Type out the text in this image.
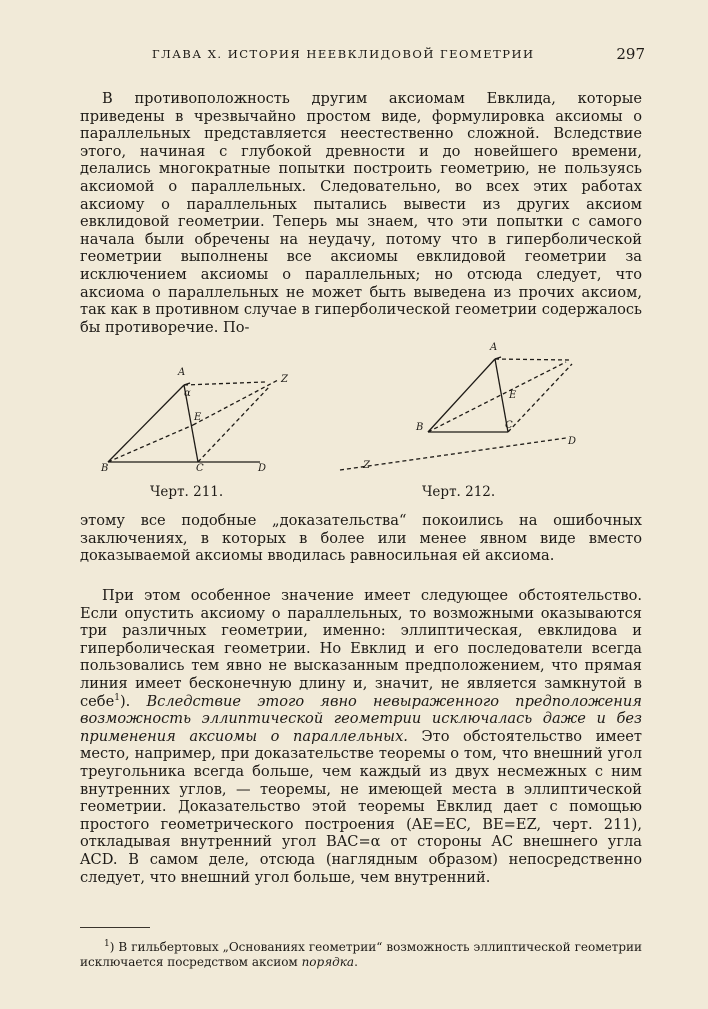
ГЛАВА X. ИСТОРИЯ НЕЕВКЛИДОВОЙ ГЕОМЕТРИИ	297

В противоположность другим аксиомам Евклида, которые приведены в чрезвычайно простом виде, формулировка аксиомы о параллельных представляется неестественно сложной. Вследствие этого, начиная с глубокой древности и до новейшего времени, делались многократные попытки построить геометрию, не пользуясь аксиомой о параллельных. Следовательно, во всех этих работах аксиому о параллельных пытались вывести из других аксиом евклидовой геометрии. Теперь мы знаем, что эти попытки с самого начала были обречены на неудачу, потому что в гиперболической геометрии выполнены все аксиомы евклидовой геометрии за исключением аксиомы о параллельных; но отсюда следует, что аксиома о параллельных не может быть выведена из прочих аксиом, так как в противном случае в гиперболической геометрии содержалось бы противоречие. По-

A
α
B	C	D
E
Z
A
B	C
E
Z
D
Черт. 211.	Черт. 212.

этому все подобные „доказательства“ покоились на ошибочных заключениях, в которых в более или менее явном виде вместо доказываемой аксиомы вводилась равносильная ей аксиома.

При этом особенное значение имеет следующее обстоятельство. Если опустить аксиому о параллельных, то возможными оказываются три различных геометрии, именно: эллиптическая, евклидова и гиперболическая геометрии. Но Евклид и его последователи всегда пользовались тем явно не высказанным предположением, что прямая линия имеет бесконечную длину и, значит, не является замкнутой в себе$^1$). Вследствие этого явно невыраженного предположения возможность эллиптической геометрии исключалась даже и без применения аксиомы о параллельных. Это обстоятельство имеет место, например, при доказательстве теоремы о том, что внешний угол треугольника всегда больше, чем каждый из двух несмежных с ним внутренних углов, — теоремы, не имеющей места в эллиптической геометрии. Доказательство этой теоремы Евклид дает с помощью простого геометрического построения (AE=EC, BE=EZ, черт. 211), откладывая внутренний угол BAC=α от стороны AC внешнего угла ACD. В самом деле, отсюда (наглядным образом) непосредственно следует, что внешний угол больше, чем внутренний.

$^1$) В гильбертовых „Основаниях геометрии“ возможность эллиптической геометрии исключается посредством аксиом порядка.
